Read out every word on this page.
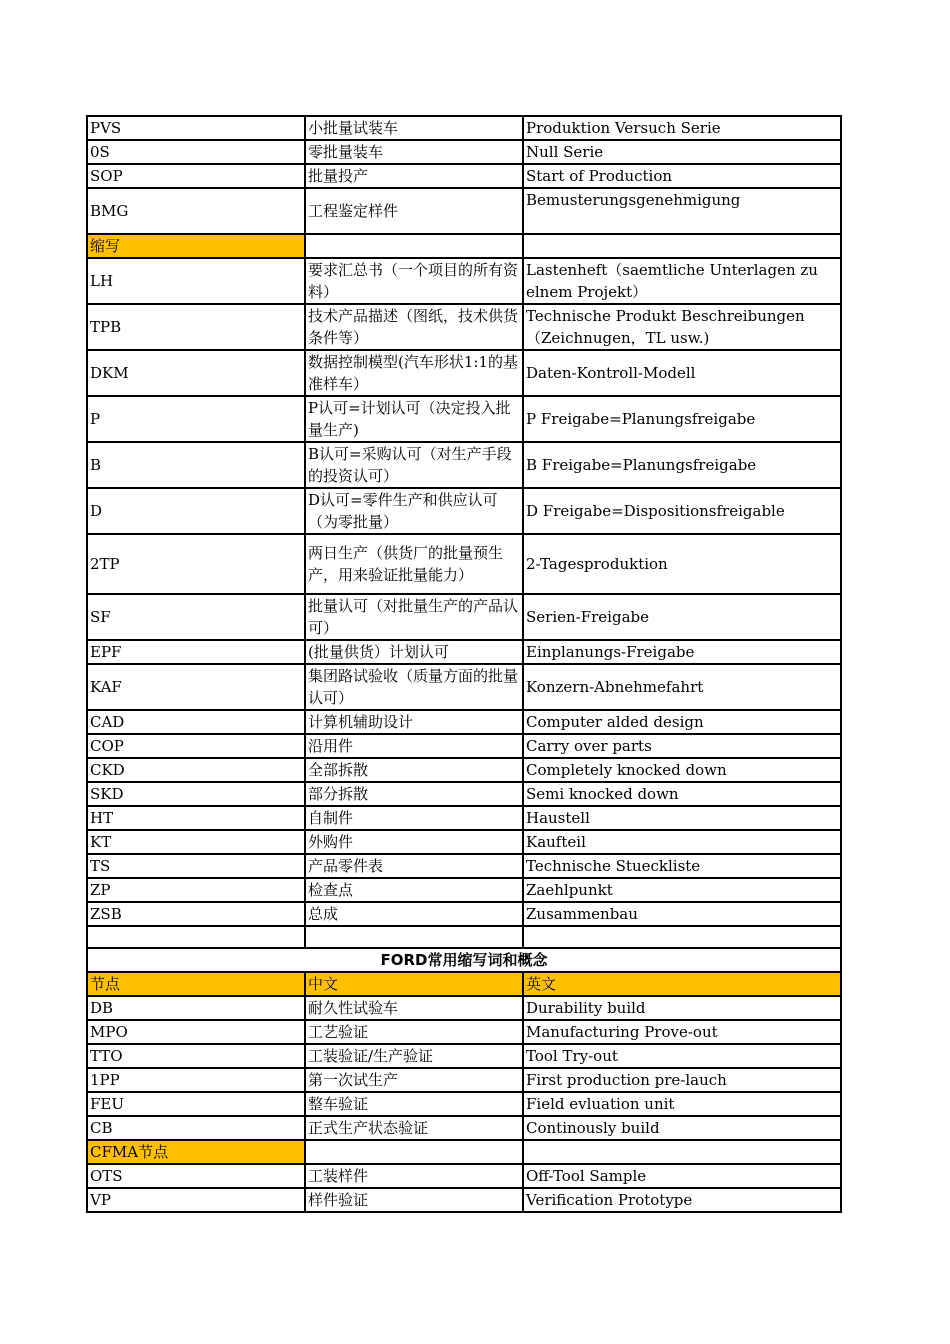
PVS	小批量试装车	Produktion Versuch Serie
0S	零批量装车	Null Serie
SOP	批量投产	Start of Production
BMG	工程鉴定样件	Bemusterungsgenehmigung
缩写		
LH	要求汇总书（一个项目的所有资料）	Lastenheft（saemtliche Unterlagen zu elnem Projekt）
TPB	技术产品描述（图纸，技术供货条件等）	Technische Produkt Beschreibungen （Zeichnugen，TL usw.)
DKM	数据控制模型(汽车形状1:1的基准样车）	Daten-Kontroll-Modell
P	P认可=计划认可（决定投入批量生产)	P Freigabe=Planungsfreigabe
B	B认可=采购认可（对生产手段的投资认可）	B Freigabe=Planungsfreigabe
D	D认可=零件生产和供应认可（为零批量）	D Freigabe=Dispositionsfreigable
2TP	两日生产（供货厂的批量预生产，用来验证批量能力）	2-Tagesproduktion
SF	批量认可（对批量生产的产品认可）	Serien-Freigabe
EPF	(批量供货）计划认可	Einplanungs-Freigabe
KAF	集团路试验收（质量方面的批量认可）	Konzern-Abnehmefahrt
CAD	计算机辅助设计	Computer alded design
COP	沿用件	Carry over parts
CKD	全部拆散	Completely knocked down
SKD	部分拆散	Semi knocked down
HT	自制件	Haustell
KT	外购件	Kaufteil
TS	产品零件表	Technische Stueckliste
ZP	检查点	Zaehlpunkt
ZSB	总成	Zusammenbau

FORD常用缩写词和概念		
节点	中文	英文
DB	耐久性试验车	Durability build
MPO	工艺验证	Manufacturing Prove-out
TTO	工装验证/生产验证	Tool Try-out
1PP	第一次试生产	First production pre-lauch
FEU	整车验证	Field evluation unit
CB	正式生产状态验证	Continously build
CFMA节点		
OTS	工装样件	Off-Tool Sample
VP	样件验证	Verification Prototype
